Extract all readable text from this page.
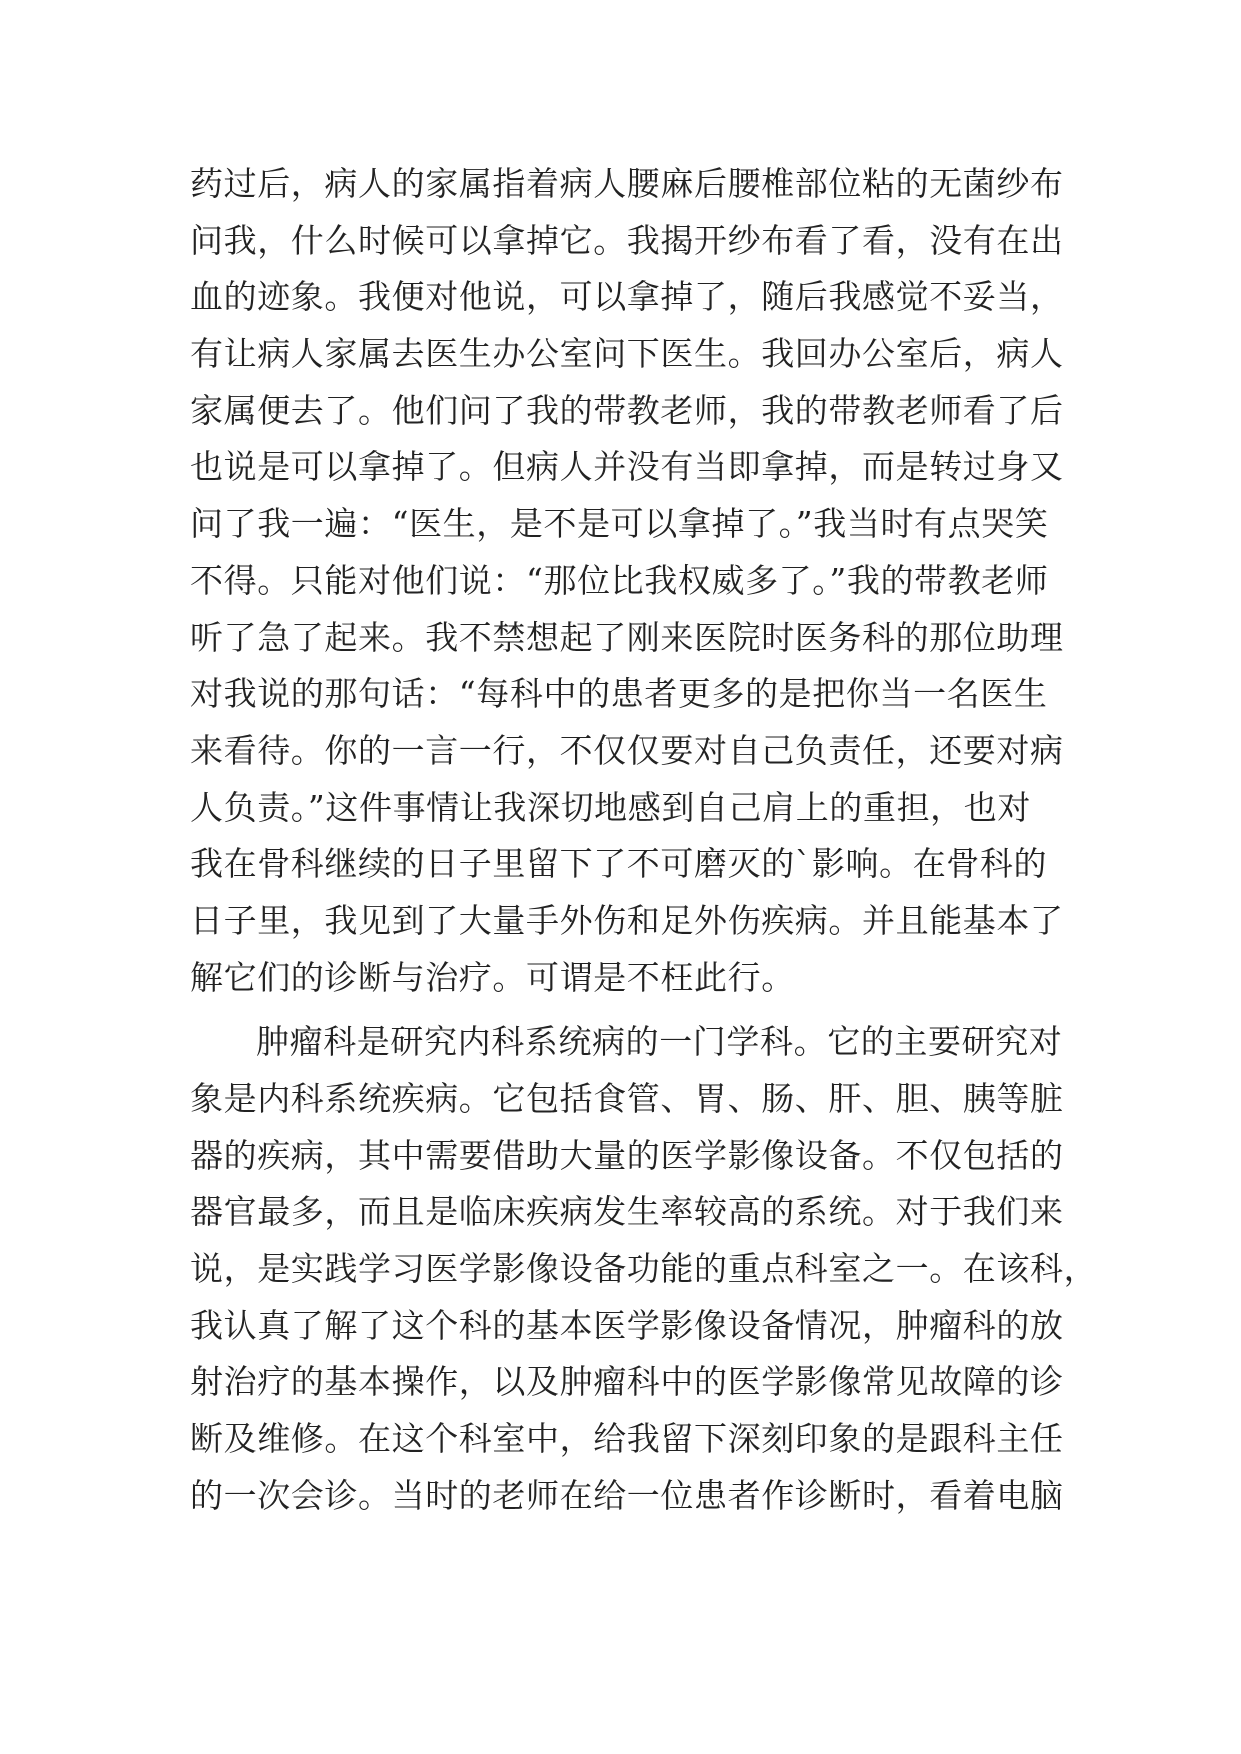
药过后，病人的家属指着病人腰麻后腰椎部位粘的无菌纱布
问我，什么时候可以拿掉它。我揭开纱布看了看，没有在出
血的迹象。我便对他说，可以拿掉了，随后我感觉不妥当，
有让病人家属去医生办公室问下医生。我回办公室后，病人
家属便去了。他们问了我的带教老师，我的带教老师看了后
也说是可以拿掉了。但病人并没有当即拿掉，而是转过身又
问了我一遍：“医生，是不是可以拿掉了。”我当时有点哭笑
不得。只能对他们说：“那位比我权威多了。”我的带教老师
听了急了起来。我不禁想起了刚来医院时医务科的那位助理
对我说的那句话：“每科中的患者更多的是把你当一名医生
来看待。你的一言一行，不仅仅要对自己负责任，还要对病
人负责。”这件事情让我深切地感到自己肩上的重担，也对
我在骨科继续的日子里留下了不可磨灭的`影响。在骨科的
日子里，我见到了大量手外伤和足外伤疾病。并且能基本了
解它们的诊断与治疗。可谓是不枉此行。
肿瘤科是研究内科系统病的一门学科。它的主要研究对
象是内科系统疾病。它包括食管、胃、肠、肝、胆、胰等脏
器的疾病，其中需要借助大量的医学影像设备。不仅包括的
器官最多，而且是临床疾病发生率较高的系统。对于我们来
说，是实践学习医学影像设备功能的重点科室之一。在该科，
我认真了解了这个科的基本医学影像设备情况，肿瘤科的放
射治疗的基本操作，以及肿瘤科中的医学影像常见故障的诊
断及维修。在这个科室中，给我留下深刻印象的是跟科主任
的一次会诊。当时的老师在给一位患者作诊断时，看着电脑
